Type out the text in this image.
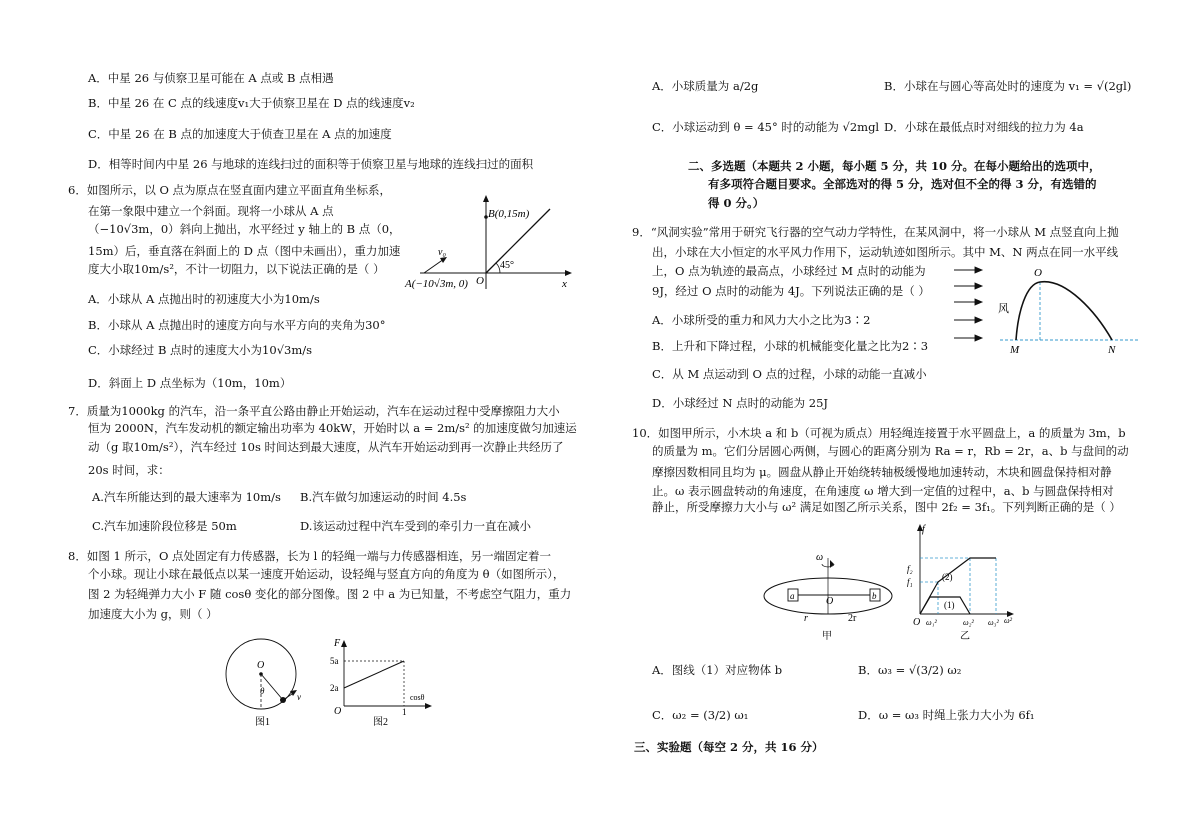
A．中星 26 与侦察卫星可能在 A 点或 B 点相遇
B．中星 26 在 C 点的线速度v₁大于侦察卫星在 D 点的线速度v₂
C．中星 26 在 B 点的加速度大于侦查卫星在 A 点的加速度
D．相等时间内中星 26 与地球的连线扫过的面积等于侦察卫星与地球的连线扫过的面积
6．如图所示，以 O 点为原点在竖直面内建立平面直角坐标系，
在第一象限中建立一个斜面。现将一小球从 A 点
（−10√3m，0）斜向上抛出，水平经过 y 轴上的 B 点（0，
15m）后，垂直落在斜面上的 D 点（图中未画出），重力加速
度大小取10m/s²，不计一切阻力，以下说法正确的是（ ）
B(0,15m)
v₀
O
45°
A(−10√3m, 0)	x
A．小球从 A 点抛出时的初速度大小为10m/s
B．小球从 A 点抛出时的速度方向与水平方向的夹角为30°
C．小球经过 B 点时的速度大小为10√3m/s
D．斜面上 D 点坐标为（10m，10m）
7．质量为1000kg 的汽车，沿一条平直公路由静止开始运动，汽车在运动过程中受摩擦阻力大小
恒为 2000N，汽车发动机的额定输出功率为 40kW，开始时以 a = 2m/s² 的加速度做匀加速运
动（g 取10m/s²），汽车经过 10s 时间达到最大速度，从汽车开始运动到再一次静止共经历了
20s 时间，求：
A.汽车所能达到的最大速率为 10m/s B.汽车做匀加速运动的时间 4.5s
C.汽车加速阶段位移是 50m	D.该运动过程中汽车受到的牵引力一直在减小
8．如图 1 所示，O 点处固定有力传感器，长为 l 的轻绳一端与力传感器相连，另一端固定着一
个小球。现让小球在最低点以某一速度开始运动，设轻绳与竖直方向的角度为 θ（如图所示），
图 2 为轻绳弹力大小 F 随 cosθ 变化的部分图像。图 2 中 a 为已知量，不考虑空气阻力，重力
加速度大小为 g，则（ ）
O
θ
v
图1
F
5a
2a
O	1
cosθ
图2
A．小球质量为 a/2g	B．小球在与圆心等高处时的速度为 v₁ = √(2gl)
C．小球运动到 θ = 45° 时的动能为 √2mgl D．小球在最低点时对细线的拉力为 4a
二、多选题（本题共 2 小题，每小题 5 分，共 10 分。在每小题给出的选项中，
有多项符合题目要求。全部选对的得 5 分，选对但不全的得 3 分，有选错的
得 0 分。）
9．“风洞实验”常用于研究飞行器的空气动力学特性，在某风洞中，将一小球从 M 点竖直向上抛
出，小球在大小恒定的水平风力作用下，运动轨迹如图所示。其中 M、N 两点在同一水平线
上，O 点为轨迹的最高点，小球经过 M 点时的动能为
9J，经过 O 点时的动能为 4J。下列说法正确的是（ ）
A．小球所受的重力和风力大小之比为3∶2
B．上升和下降过程，小球的机械能变化量之比为2∶3
C．从 M 点运动到 O 点的过程，小球的动能一直减小
D．小球经过 N 点时的动能为 25J
风
O
M	N
10．如图甲所示，小木块 a 和 b（可视为质点）用轻绳连接置于水平圆盘上，a 的质量为 3m，b
的质量为 m。它们分居圆心两侧，与圆心的距离分别为 Ra = r，Rb = 2r，a、b 与盘间的动
摩擦因数相同且均为 μ。圆盘从静止开始绕转轴极缓慢地加速转动，木块和圆盘保持相对静
止。ω 表示圆盘转动的角速度，在角速度 ω 增大到一定值的过程中，a、b 与圆盘保持相对
静止，所受摩擦力大小与 ω² 满足如图乙所示关系，图中 2f₂ = 3f₁。下列判断正确的是（ ）
ω
a	b
O
r	2r
甲
f
f₁
f₂
(2)
(1)
O ω₁²	ω₂² ω₃² ω²
乙
A．图线（1）对应物体 b	B．ω₃ = √(3/2) ω₂
C．ω₂ = (3/2) ω₁	D．ω = ω₃ 时绳上张力大小为 6f₁
三、实验题（每空 2 分，共 16 分）
